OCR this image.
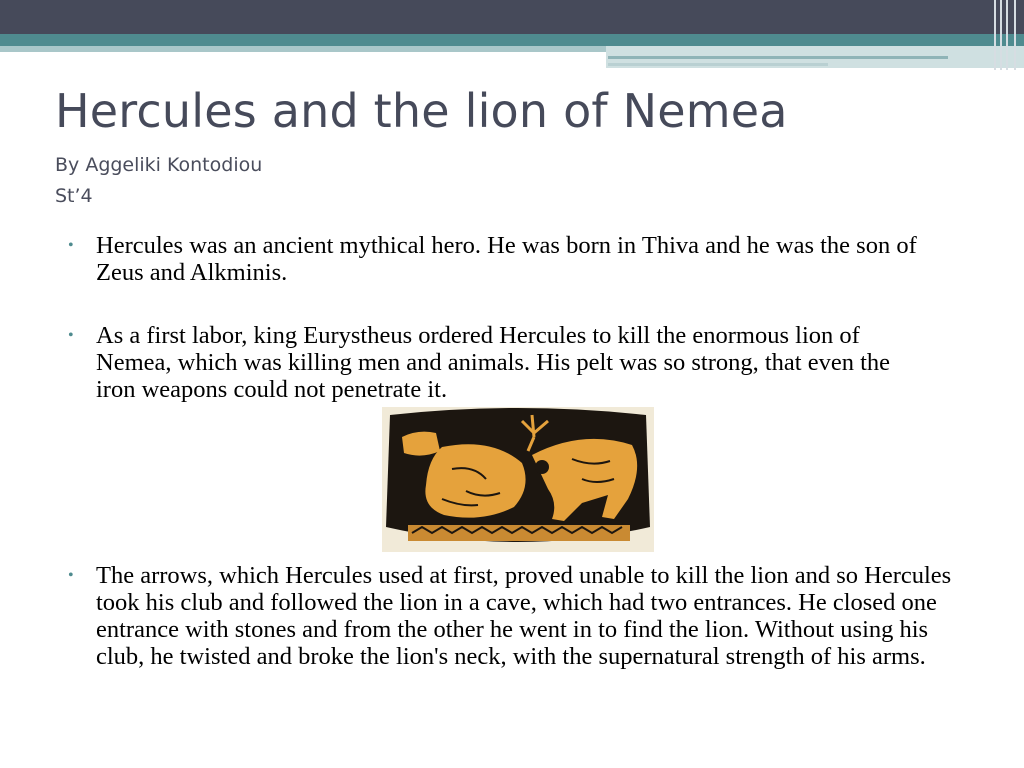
Hercules and the lion of Nemea
By Aggeliki Kontodiou
St’4
• Hercules was an ancient mythical hero. He was born in Thiva and he was the son of Zeus and Alkminis.
• As a first labor, king Eurystheus ordered Hercules to kill the enormous lion of Nemea, which was killing men and animals. His pelt was so strong, that even the iron weapons could not penetrate it.
• The arrows, which Hercules used at first, proved unable to kill the lion and so Hercules took his club and followed the lion in a cave, which had two entrances. He closed one entrance with stones and from the other he went in to find the lion. Without using his club, he twisted and broke the lion's neck, with the supernatural strength of his arms.
